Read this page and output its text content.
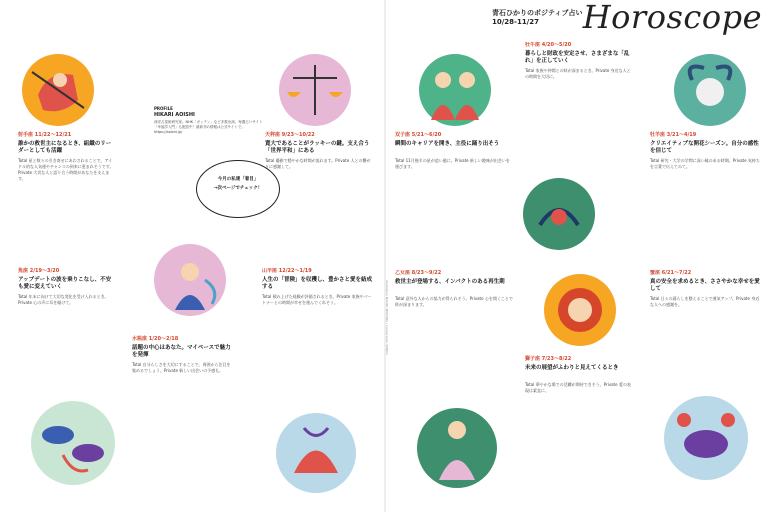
青石ひかりのポジティブ占い
10/28-11/27 Horoscope
Illustration NAOKO NOMURA / Cooperation SHIROI
PROFILE
HIKARI AOISHI
西洋占星術研究家。NHK「ガッテン」など多数出演。毎週占いサイト「幸福学入門」も配信中！最新刊の情報は公式サイトで。https://aoishi.jp/
今月の私達「着目」
→次ページでチェック！
射手座 11/22〜12/21
誰かの救世主になるとき、組織のリーダーとしても活躍
Total 星と数々の引き寄せにあわされることで、アイドル的な人気運やチャンスの到来に恵まれそうです。Private 大切な人と語り合う時間があなたを支えます。
魚座 2/19〜3/20
アップデートの波を乗りこなし、不安も愛に変えていく
Total 年末に向けて大切な変化を受け入れるとき。Private 心の声に耳を傾けて。
水瓶座 1/20〜2/18
話題の中心はあなた。マイペースで魅力を発揮
Total 自分らしさを大切にすることで、周囲から注目を集めるでしょう。Private 新しい出会いの予感も。
天秤座 9/23〜10/22
寛大であることがラッキーの鍵。支え合う「世界平和」にある
Total 優雅で穏やかな時間が流れます。Private 人との繋がりに感謝して。
山羊座 12/22〜1/19
人生の「冒険」を収穫し、豊かさと愛を結成する
Total 積み上げた経験が評価されるとき。Private 家族やパートナーとの時間が幸せを運んでくれそう。
双子座 5/21〜6/20
瞬間のキャリアを開き、主役に踊り出そう
Total 11月後半の星が追い風に。Private 新しい趣味が出会いを運びます。
牡牛座 4/20〜5/20
暮らしと財政を安定させ、さまざまな「乱れ」を正していく
Total 家族や仲間との絆が深まるとき。Private 身近な人との時間を大切に。
牡羊座 3/21〜4/19
クリエイティブな開花シーズン。自分の感性を信じて
Total 研究・大学の学問に深い縁のある時期。Private 気持ちを言葉で伝えてみて。
乙女座 8/23〜9/22
救世主が登場する、インパクトのある再生期
Total 意外な人からの協力が得られそう。Private 心を開くことで絆が深まります。
獅子座 7/23〜8/22
未来の展望がふわりと見えてくるとき
Total 華やかな場での活躍が期待できそう。Private 愛の表現は素直に。
蟹座 6/21〜7/22
真の安全を求めるとき、ささやかな幸せを愛して
Total 日々の暮らしを整えることで運気アップ。Private 身近な人への感謝を。
